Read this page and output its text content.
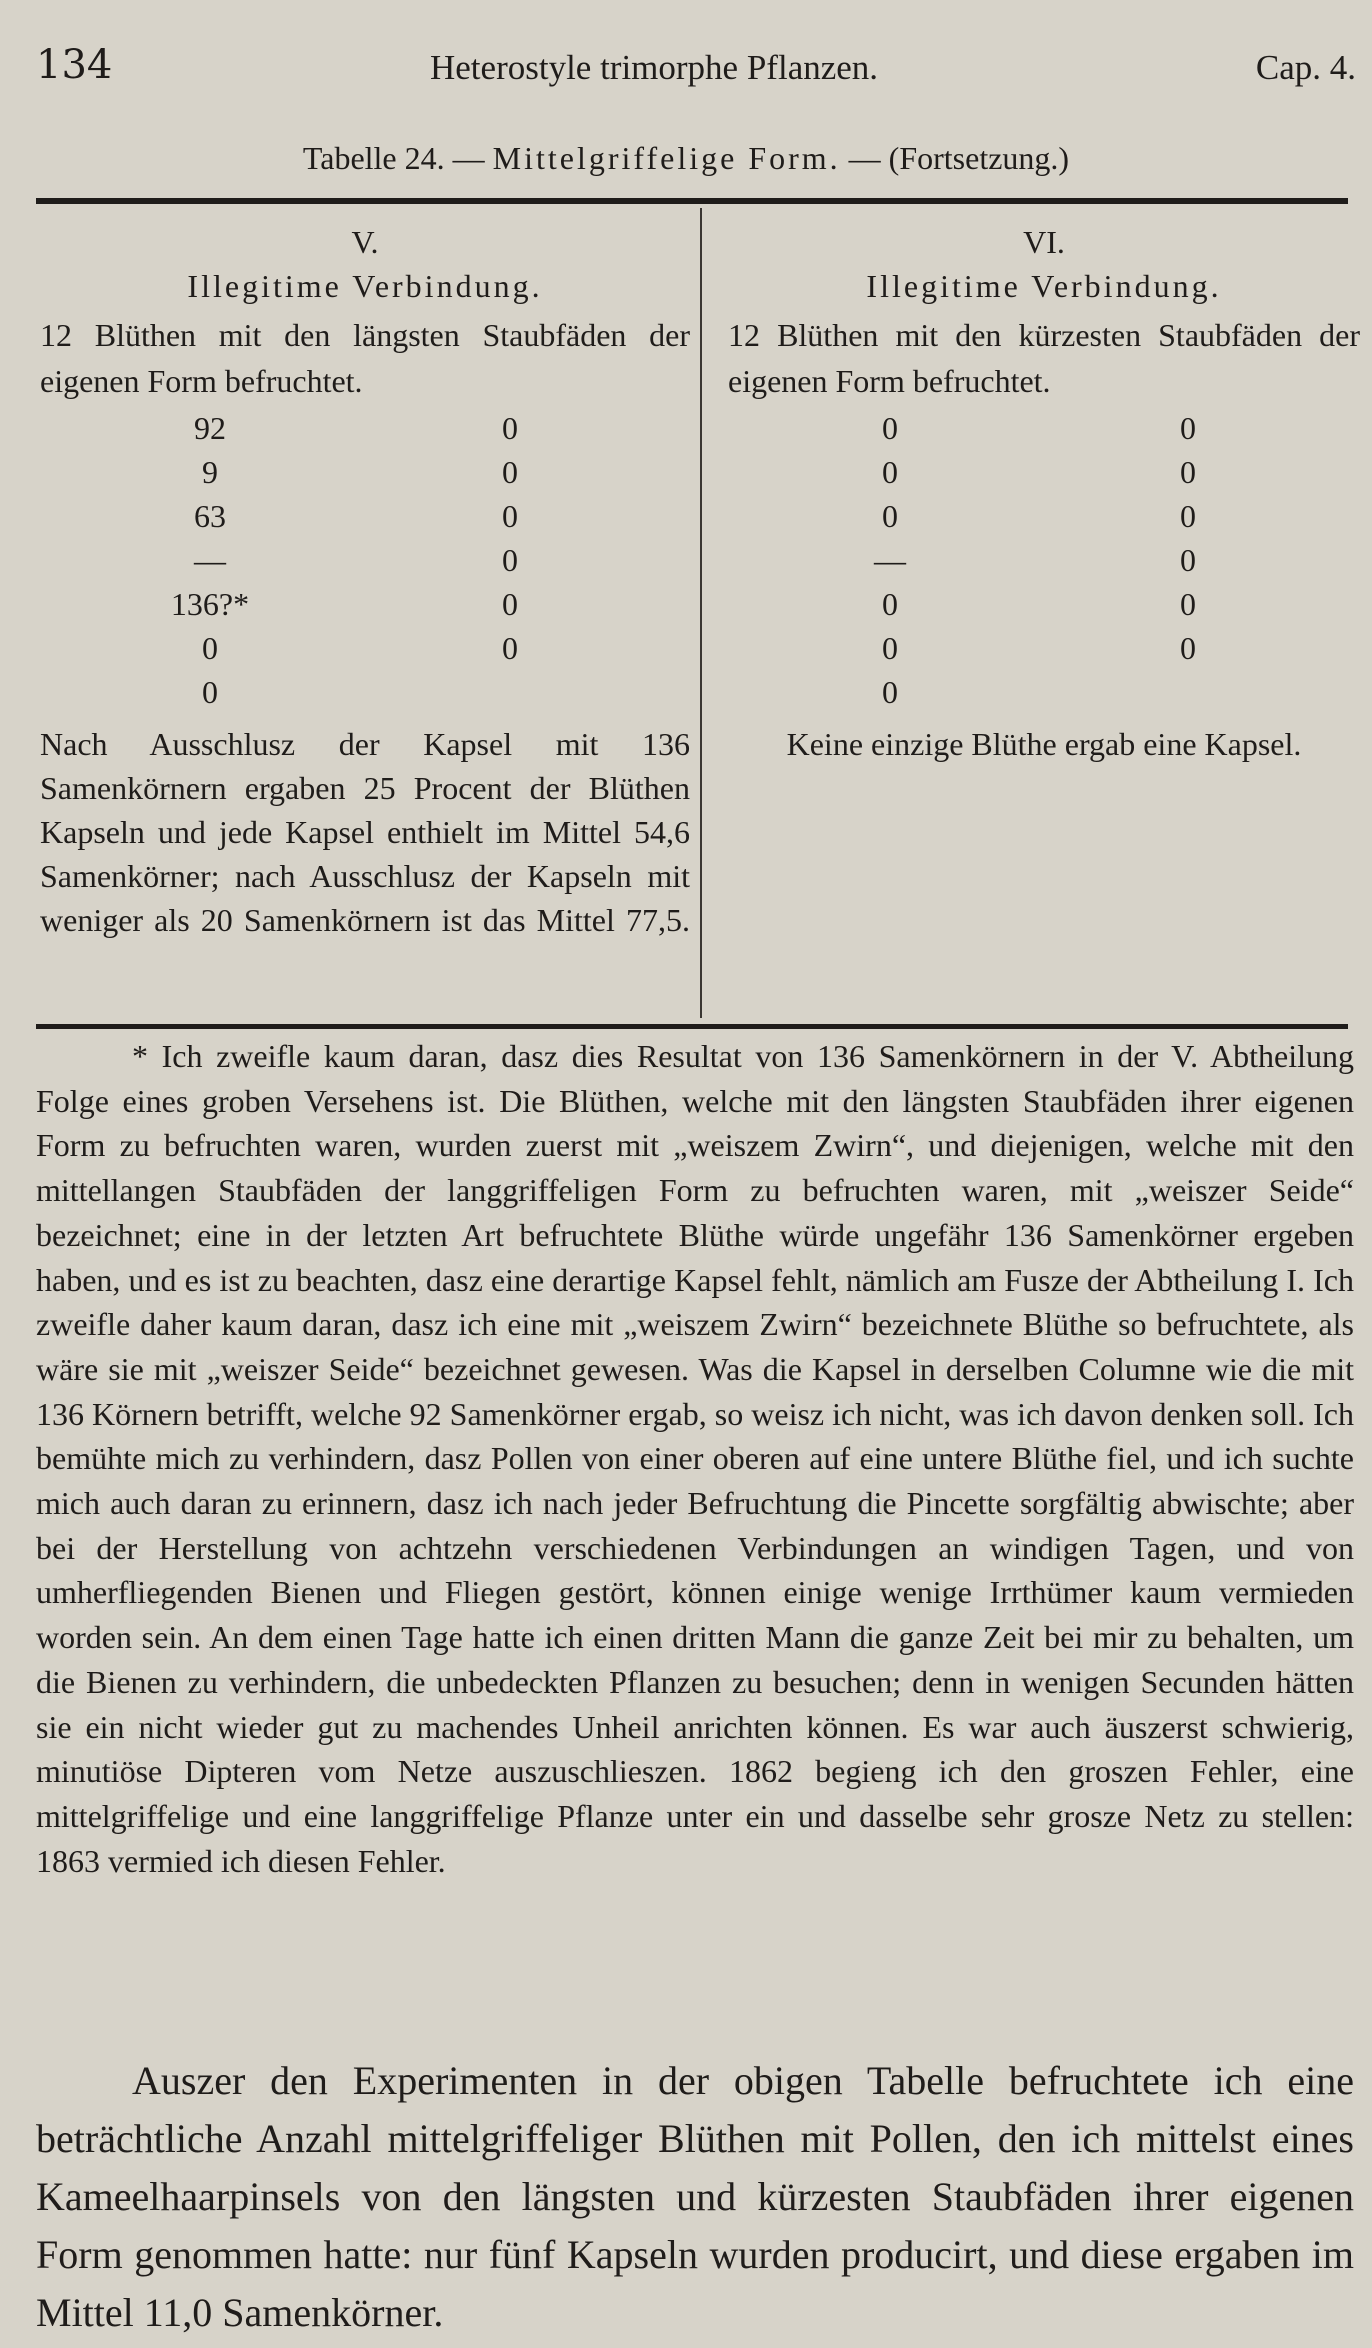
134	Heterostyle trimorphe Pflanzen.	Cap. 4.
Tabelle 24. — Mittelgriffelige Form. — (Fortsetzung.)
V.
Illegitime Verbindung.
12 Blüthen mit den längsten Staubfäden der eigenen Form befruchtet.
92	0
9	0
63	0
—	0
136?*	0
0	0
0
Nach Ausschlusz der Kapsel mit 136 Samenkörnern ergaben 25 Procent der Blüthen Kapseln und jede Kapsel enthielt im Mittel 54,6 Samenkörner; nach Ausschlusz der Kapseln mit weniger als 20 Samenkörnern ist das Mittel 77,5.
VI.
Illegitime Verbindung.
12 Blüthen mit den kürzesten Staubfäden der eigenen Form befruchtet.
0	0
0	0
0	0
—	0
0	0
0	0
0
Keine einzige Blüthe ergab eine Kapsel.
* Ich zweifle kaum daran, dasz dies Resultat von 136 Samenkörnern in der V. Abtheilung Folge eines groben Versehens ist. Die Blüthen, welche mit den längsten Staubfäden ihrer eigenen Form zu befruchten waren, wurden zuerst mit „weiszem Zwirn“, und diejenigen, welche mit den mittellangen Staubfäden der langgriffeligen Form zu befruchten waren, mit „weiszer Seide“ bezeichnet; eine in der letzten Art befruchtete Blüthe würde ungefähr 136 Samenkörner ergeben haben, und es ist zu beachten, dasz eine derartige Kapsel fehlt, nämlich am Fusze der Abtheilung I. Ich zweifle daher kaum daran, dasz ich eine mit „weiszem Zwirn“ bezeichnete Blüthe so befruchtete, als wäre sie mit „weiszer Seide“ bezeichnet gewesen. Was die Kapsel in derselben Columne wie die mit 136 Körnern betrifft, welche 92 Samenkörner ergab, so weisz ich nicht, was ich davon denken soll. Ich bemühte mich zu verhindern, dasz Pollen von einer oberen auf eine untere Blüthe fiel, und ich suchte mich auch daran zu erinnern, dasz ich nach jeder Befruchtung die Pincette sorgfältig abwischte; aber bei der Herstellung von achtzehn verschiedenen Verbindungen an windigen Tagen, und von umherfliegenden Bienen und Fliegen gestört, können einige wenige Irrthümer kaum vermieden worden sein. An dem einen Tage hatte ich einen dritten Mann die ganze Zeit bei mir zu behalten, um die Bienen zu verhindern, die unbedeckten Pflanzen zu besuchen; denn in wenigen Secunden hätten sie ein nicht wieder gut zu machendes Unheil anrichten können. Es war auch äuszerst schwierig, minutiöse Dipteren vom Netze auszuschlieszen. 1862 begieng ich den groszen Fehler, eine mittelgriffelige und eine langgriffelige Pflanze unter ein und dasselbe sehr grosze Netz zu stellen: 1863 vermied ich diesen Fehler.
Auszer den Experimenten in der obigen Tabelle befruchtete ich eine beträchtliche Anzahl mittelgriffeliger Blüthen mit Pollen, den ich mittelst eines Kameelhaarpinsels von den längsten und kürzesten Staubfäden ihrer eigenen Form genommen hatte: nur fünf Kapseln wurden producirt, und diese ergaben im Mittel 11,0 Samenkörner.
